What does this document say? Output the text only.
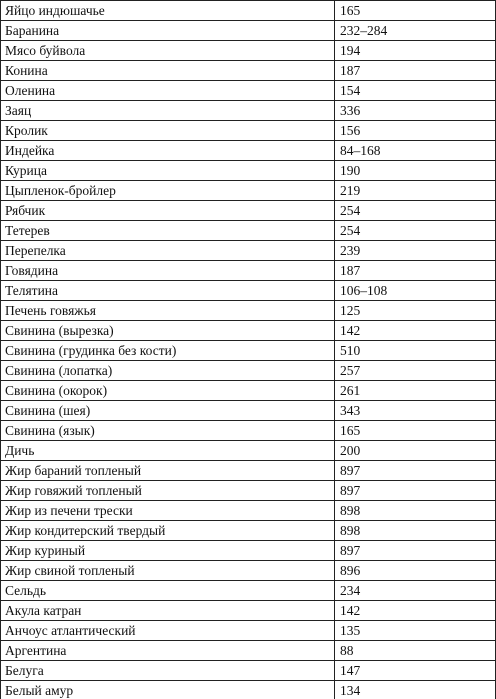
Яйцо индюшачье	165
Баранина	232–284
Мясо буйвола	194
Конина	187
Оленина	154
Заяц	336
Кролик	156
Индейка	84–168
Курица	190
Цыпленок-бройлер	219
Рябчик	254
Тетерев	254
Перепелка	239
Говядина	187
Телятина	106–108
Печень говяжья	125
Свинина (вырезка)	142
Свинина (грудинка без кости)	510
Свинина (лопатка)	257
Свинина (окорок)	261
Свинина (шея)	343
Свинина (язык)	165
Дичь	200
Жир бараний топленый	897
Жир говяжий топленый	897
Жир из печени трески	898
Жир кондитерский твердый	898
Жир куриный	897
Жир свиной топленый	896
Сельдь	234
Акула катран	142
Анчоус атлантический	135
Аргентина	88
Белуга	147
Белый амур	134
